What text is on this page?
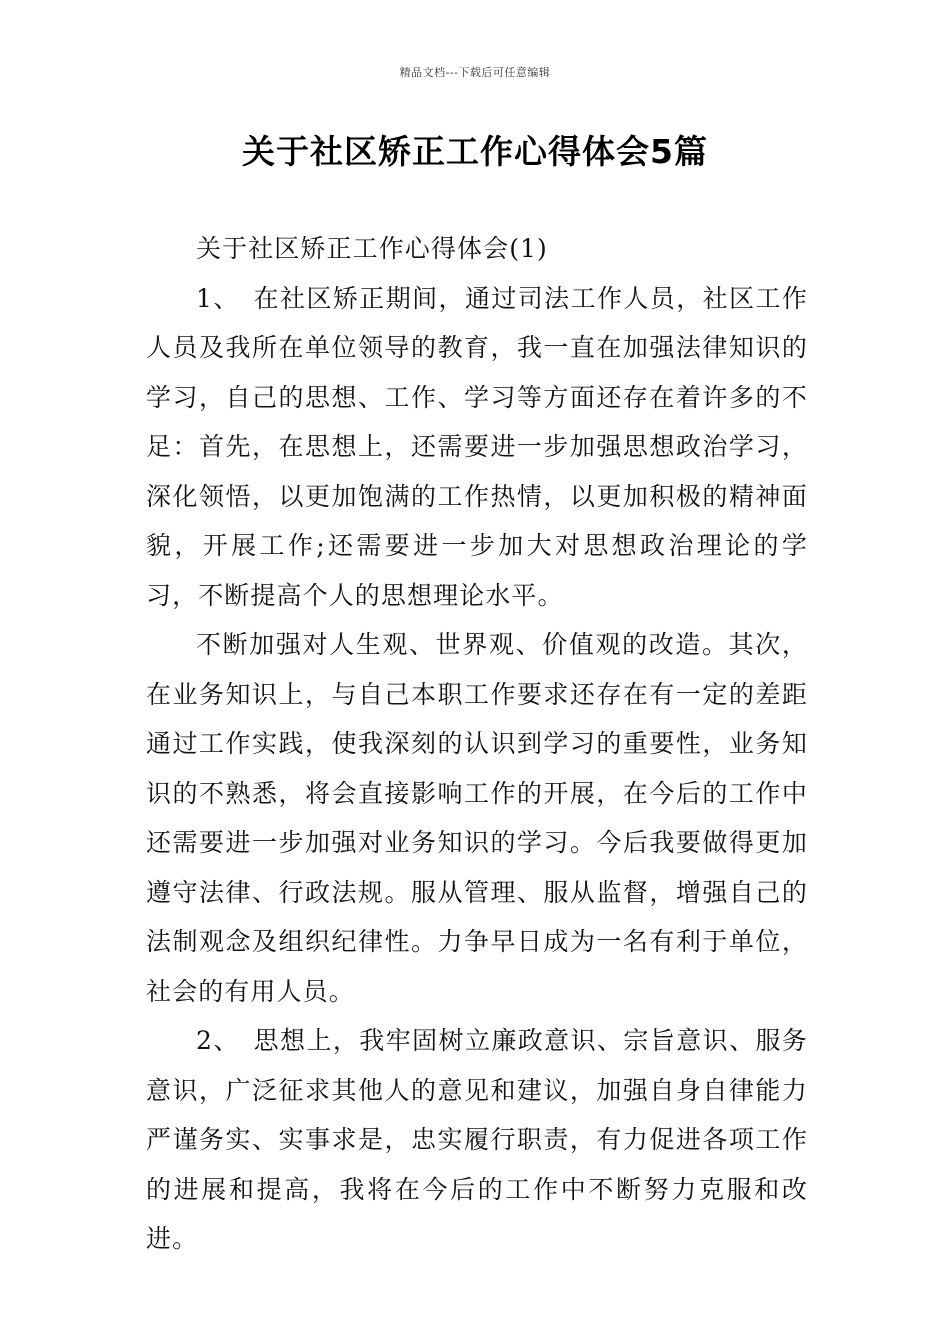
精品文档---下载后可任意编辑
关于社区矫正工作心得体会5篇

关于社区矫正工作心得体会(1)

1、　在社区矫正期间，通过司法工作人员，社区工作人员及我所在单位领导的教育，我一直在加强法律知识的学习，自己的思想、工作、学习等方面还存在着许多的不足：首先，在思想上，还需要进一步加强思想政治学习，深化领悟，以更加饱满的工作热情，以更加积极的精神面貌，开展工作;还需要进一步加大对思想政治理论的学习，不断提高个人的思想理论水平。

不断加强对人生观、世界观、价值观的改造。其次，在业务知识上，与自己本职工作要求还存在有一定的差距通过工作实践，使我深刻的认识到学习的重要性，业务知识的不熟悉，将会直接影响工作的开展，在今后的工作中还需要进一步加强对业务知识的学习。今后我要做得更加遵守法律、行政法规。服从管理、服从监督，增强自己的法制观念及组织纪律性。力争早日成为一名有利于单位，社会的有用人员。

2、　思想上，我牢固树立廉政意识、宗旨意识、服务意识，广泛征求其他人的意见和建议，加强自身自律能力严谨务实、实事求是，忠实履行职责，有力促进各项工作的进展和提高，我将在今后的工作中不断努力克服和改进。
